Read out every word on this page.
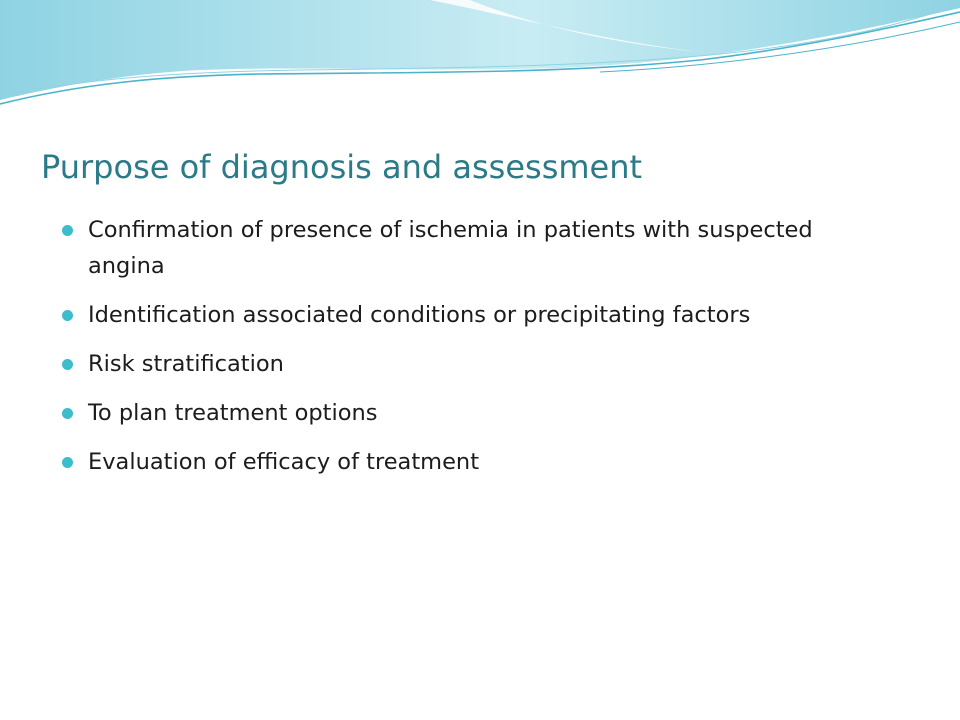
Purpose of diagnosis and assessment
Confirmation of presence of ischemia in patients with suspected angina
Identification associated conditions or precipitating factors
Risk stratification
To plan treatment options
Evaluation of efficacy of treatment
